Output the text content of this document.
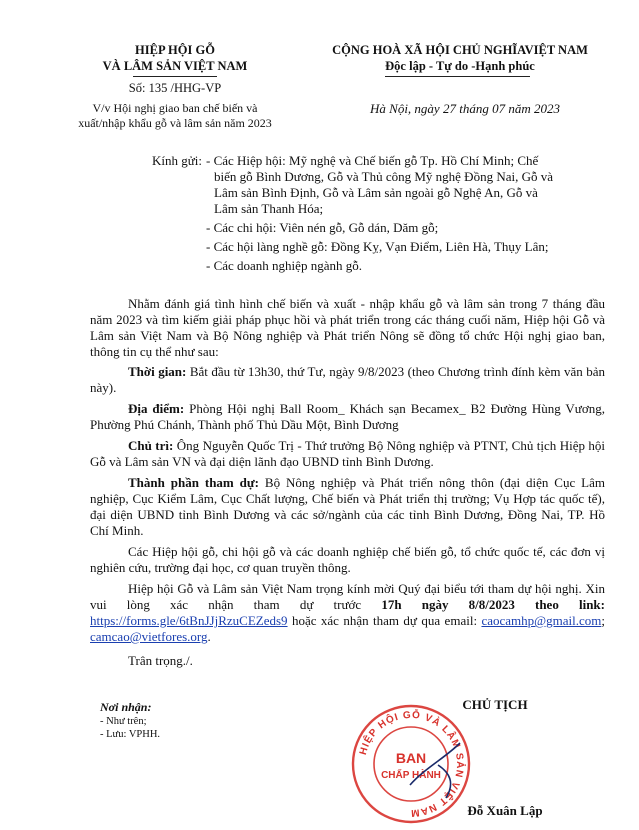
HIỆP HỘI GỖ
VÀ LÂM SẢN VIỆT NAM
Số: 135 /HHG-VP
V/v Hội nghị giao ban chế biến và
xuất/nhập khẩu gỗ và lâm sản năm 2023
CỘNG HOÀ XÃ HỘI CHỦ NGHĨAVIỆT NAM
Độc lập - Tự do -Hạnh phúc
Hà Nội, ngày 27 tháng 07 năm 2023
Kính gửi: - Các Hiệp hội: Mỹ nghệ và Chế biến gỗ Tp. Hồ Chí Minh; Chế
biến gỗ Bình Dương, Gỗ và Thủ công Mỹ nghệ Đồng Nai, Gỗ và
Lâm sản Bình Định, Gỗ và Lâm sản ngoài gỗ Nghệ An, Gỗ và
Lâm sản Thanh Hóa;
- Các chi hội: Viên nén gỗ, Gỗ dán, Dăm gỗ;
- Các hội làng nghề gỗ: Đồng Kỵ, Vạn Điểm, Liên Hà, Thụy Lân;
- Các doanh nghiệp ngành gỗ.

Nhằm đánh giá tình hình chế biến và xuất - nhập khẩu gỗ và lâm sản trong 7 tháng đầu năm 2023 và tìm kiếm giải pháp phục hồi và phát triển trong các tháng cuối năm, Hiệp hội Gỗ và Lâm sản Việt Nam và Bộ Nông nghiệp và Phát triển Nông sẽ đồng tổ chức Hội nghị giao ban, thông tin cụ thể như sau:

Thời gian: Bắt đầu từ 13h30, thứ Tư, ngày 9/8/2023 (theo Chương trình đính kèm văn bản này).

Địa điểm: Phòng Hội nghị Ball Room_ Khách sạn Becamex_ B2 Đường Hùng Vương, Phường Phú Chánh, Thành phố Thủ Dầu Một, Bình Dương

Chủ trì: Ông Nguyễn Quốc Trị - Thứ trưởng Bộ Nông nghiệp và PTNT, Chủ tịch Hiệp hội Gỗ và Lâm sản VN và đại diện lãnh đạo UBND tỉnh Bình Dương.

Thành phần tham dự: Bộ Nông nghiệp và Phát triển nông thôn (đại diện Cục Lâm nghiệp, Cục Kiểm Lâm, Cục Chất lượng, Chế biến và Phát triển thị trường; Vụ Hợp tác quốc tế), đại diện UBND tỉnh Bình Dương và các sở/ngành của các tỉnh Bình Dương, Đồng Nai, TP. Hồ Chí Minh.

Các Hiệp hội gỗ, chi hội gỗ và các doanh nghiệp chế biến gỗ, tổ chức quốc tế, các đơn vị nghiên cứu, trường đại học, cơ quan truyền thông.

Hiệp hội Gỗ và Lâm sản Việt Nam trọng kính mời Quý đại biểu tới tham dự hội nghị. Xin vui lòng xác nhận tham dự trước 17h ngày 8/8/2023 theo link: https://forms.gle/6tBnJJjRzuCEZeds9 hoặc xác nhận tham dự qua email: caocamhp@gmail.com; camcao@vietfores.org.

Trân trọng./.

Nơi nhận:
- Như trên;
- Lưu: VPHH.
CHỦ TỊCH
HIỆP HỘI GỖ VÀ LÂM SẢN VIỆT NAM
BAN
CHẤP HÀNH
Đỗ Xuân Lập
